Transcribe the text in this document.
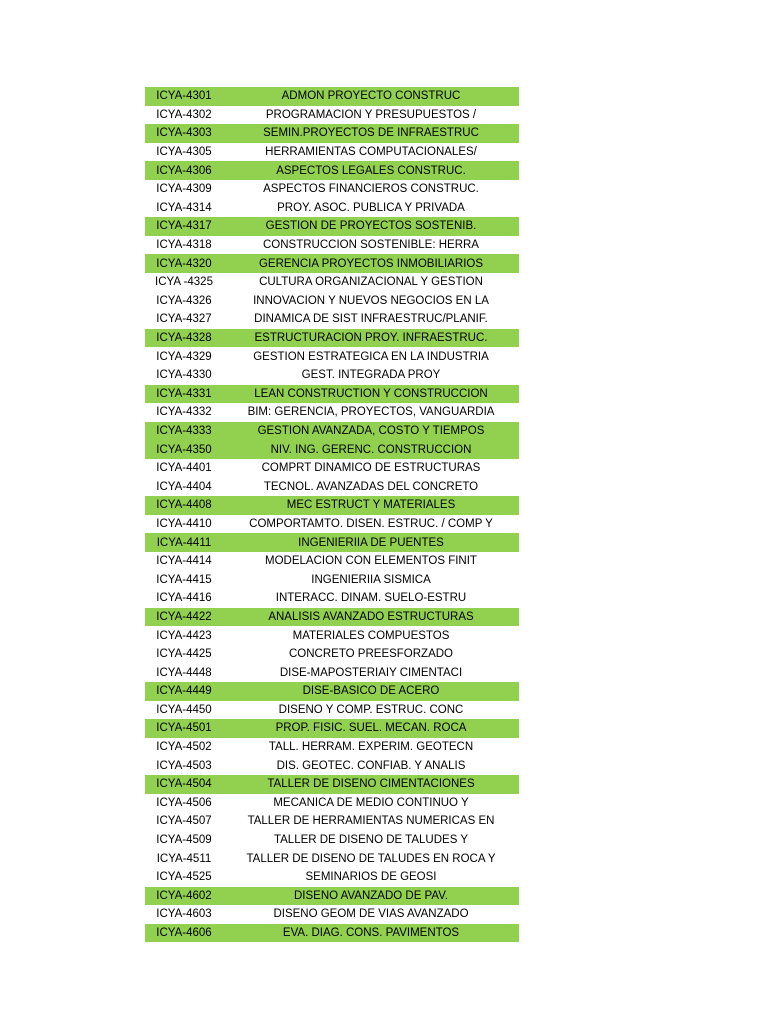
ICYA-4301	ADMON PROYECTO CONSTRUC
ICYA-4302	PROGRAMACIÓN Y PRESUPUESTOS /
ICYA-4303	SEMIN.PROYECTOS DE INFRAESTRUC
ICYA-4305	HERRAMIENTAS COMPUTACIONALES/
ICYA-4306	ASPECTOS LEGALES CONSTRUC.
ICYA-4309	ASPECTOS FINANCIEROS CONSTRUC.
ICYA-4314	PROY. ASOC. PÚBLICA Y PRIVADA
ICYA-4317	GESTIÓN DE PROYECTOS SOSTENIB.
ICYA-4318	CONSTRUCCIÓN SOSTENIBLE: HERRA
ICYA-4320	GERENCIA PROYECTOS INMOBILIARIOS
ICYA -4325	CULTURA ORGANIZACIONAL Y GESTIÓN
ICYA-4326	INNOVACIÓN Y NUEVOS NEGOCIOS EN LA
ICYA-4327	DINÁMICA DE SIST INFRAESTRUC/PLANIF.
ICYA-4328	ESTRUCTURACIÓN PROY. INFRAESTRUC.
ICYA-4329	GESTIÓN ESTRATÉGICA EN LA INDUSTRIA
ICYA-4330	GEST. INTEGRADA PROY
ICYA-4331	LEAN CONSTRUCTION Y CONSTRUCCIÓN
ICYA-4332	BIM: GERENCIA, PROYECTOS, VANGUARDIA
ICYA-4333	GESTIÓN AVANZADA, COSTO Y TIEMPOS
ICYA-4350	NIV. ING. GERENC. CONSTRUCCIÓN
ICYA-4401	COMPRT DINÁMICO DE ESTRUCTURAS
ICYA-4404	TECNOL. AVANZADAS DEL CONCRETO
ICYA-4408	MEC ESTRUCT Y MATERIALES
ICYA-4410	COMPORTAMTO. DISEÑ. ESTRUC. / COMP Y
ICYA-4411	INGENIERIÍA DE PUENTES
ICYA-4414	MODELACIÓN CON ELEMENTOS FINIT
ICYA-4415	INGENIERIÍA SÍSMICA
ICYA-4416	INTERACC. DINAM. SUELO-ESTRU
ICYA-4422	ANÁLISIS AVANZADO ESTRUCTURAS
ICYA-4423	MATERIALES COMPUESTOS
ICYA-4425	CONCRETO PREESFORZADO
ICYA-4448	DISE-MAPOSTERIAÍY CIMENTACI
ICYA-4449	DISE-BÁSICO DE ACERO
ICYA-4450	DISEÑO Y COMP. ESTRUC. CONC
ICYA-4501	PROP. FISIC. SUEL. MECAN. ROCA
ICYA-4502	TALL. HERRAM. EXPERIM. GEOTECN
ICYA-4503	DIS. GEOTEC. CONFIAB. Y ANALIS
ICYA-4504	TALLER DE DISEÑO CIMENTACIONES
ICYA-4506	MECÁNICA DE MEDIO CONTINUO Y
ICYA-4507	TALLER DE HERRAMIENTAS NUMÉRICAS EN
ICYA-4509	TALLER DE DISEÑO DE TALUDES Y
ICYA-4511	TALLER DE DISEÑO DE TALUDES EN ROCA Y
ICYA-4525	SEMINARIOS DE GEOSI
ICYA-4602	DISEÑO AVANZADO DE PAV.
ICYA-4603	DISEÑO GEOM DE VÍAS AVANZADO
ICYA-4606	EVA. DIAG. CONS. PAVIMENTOS
